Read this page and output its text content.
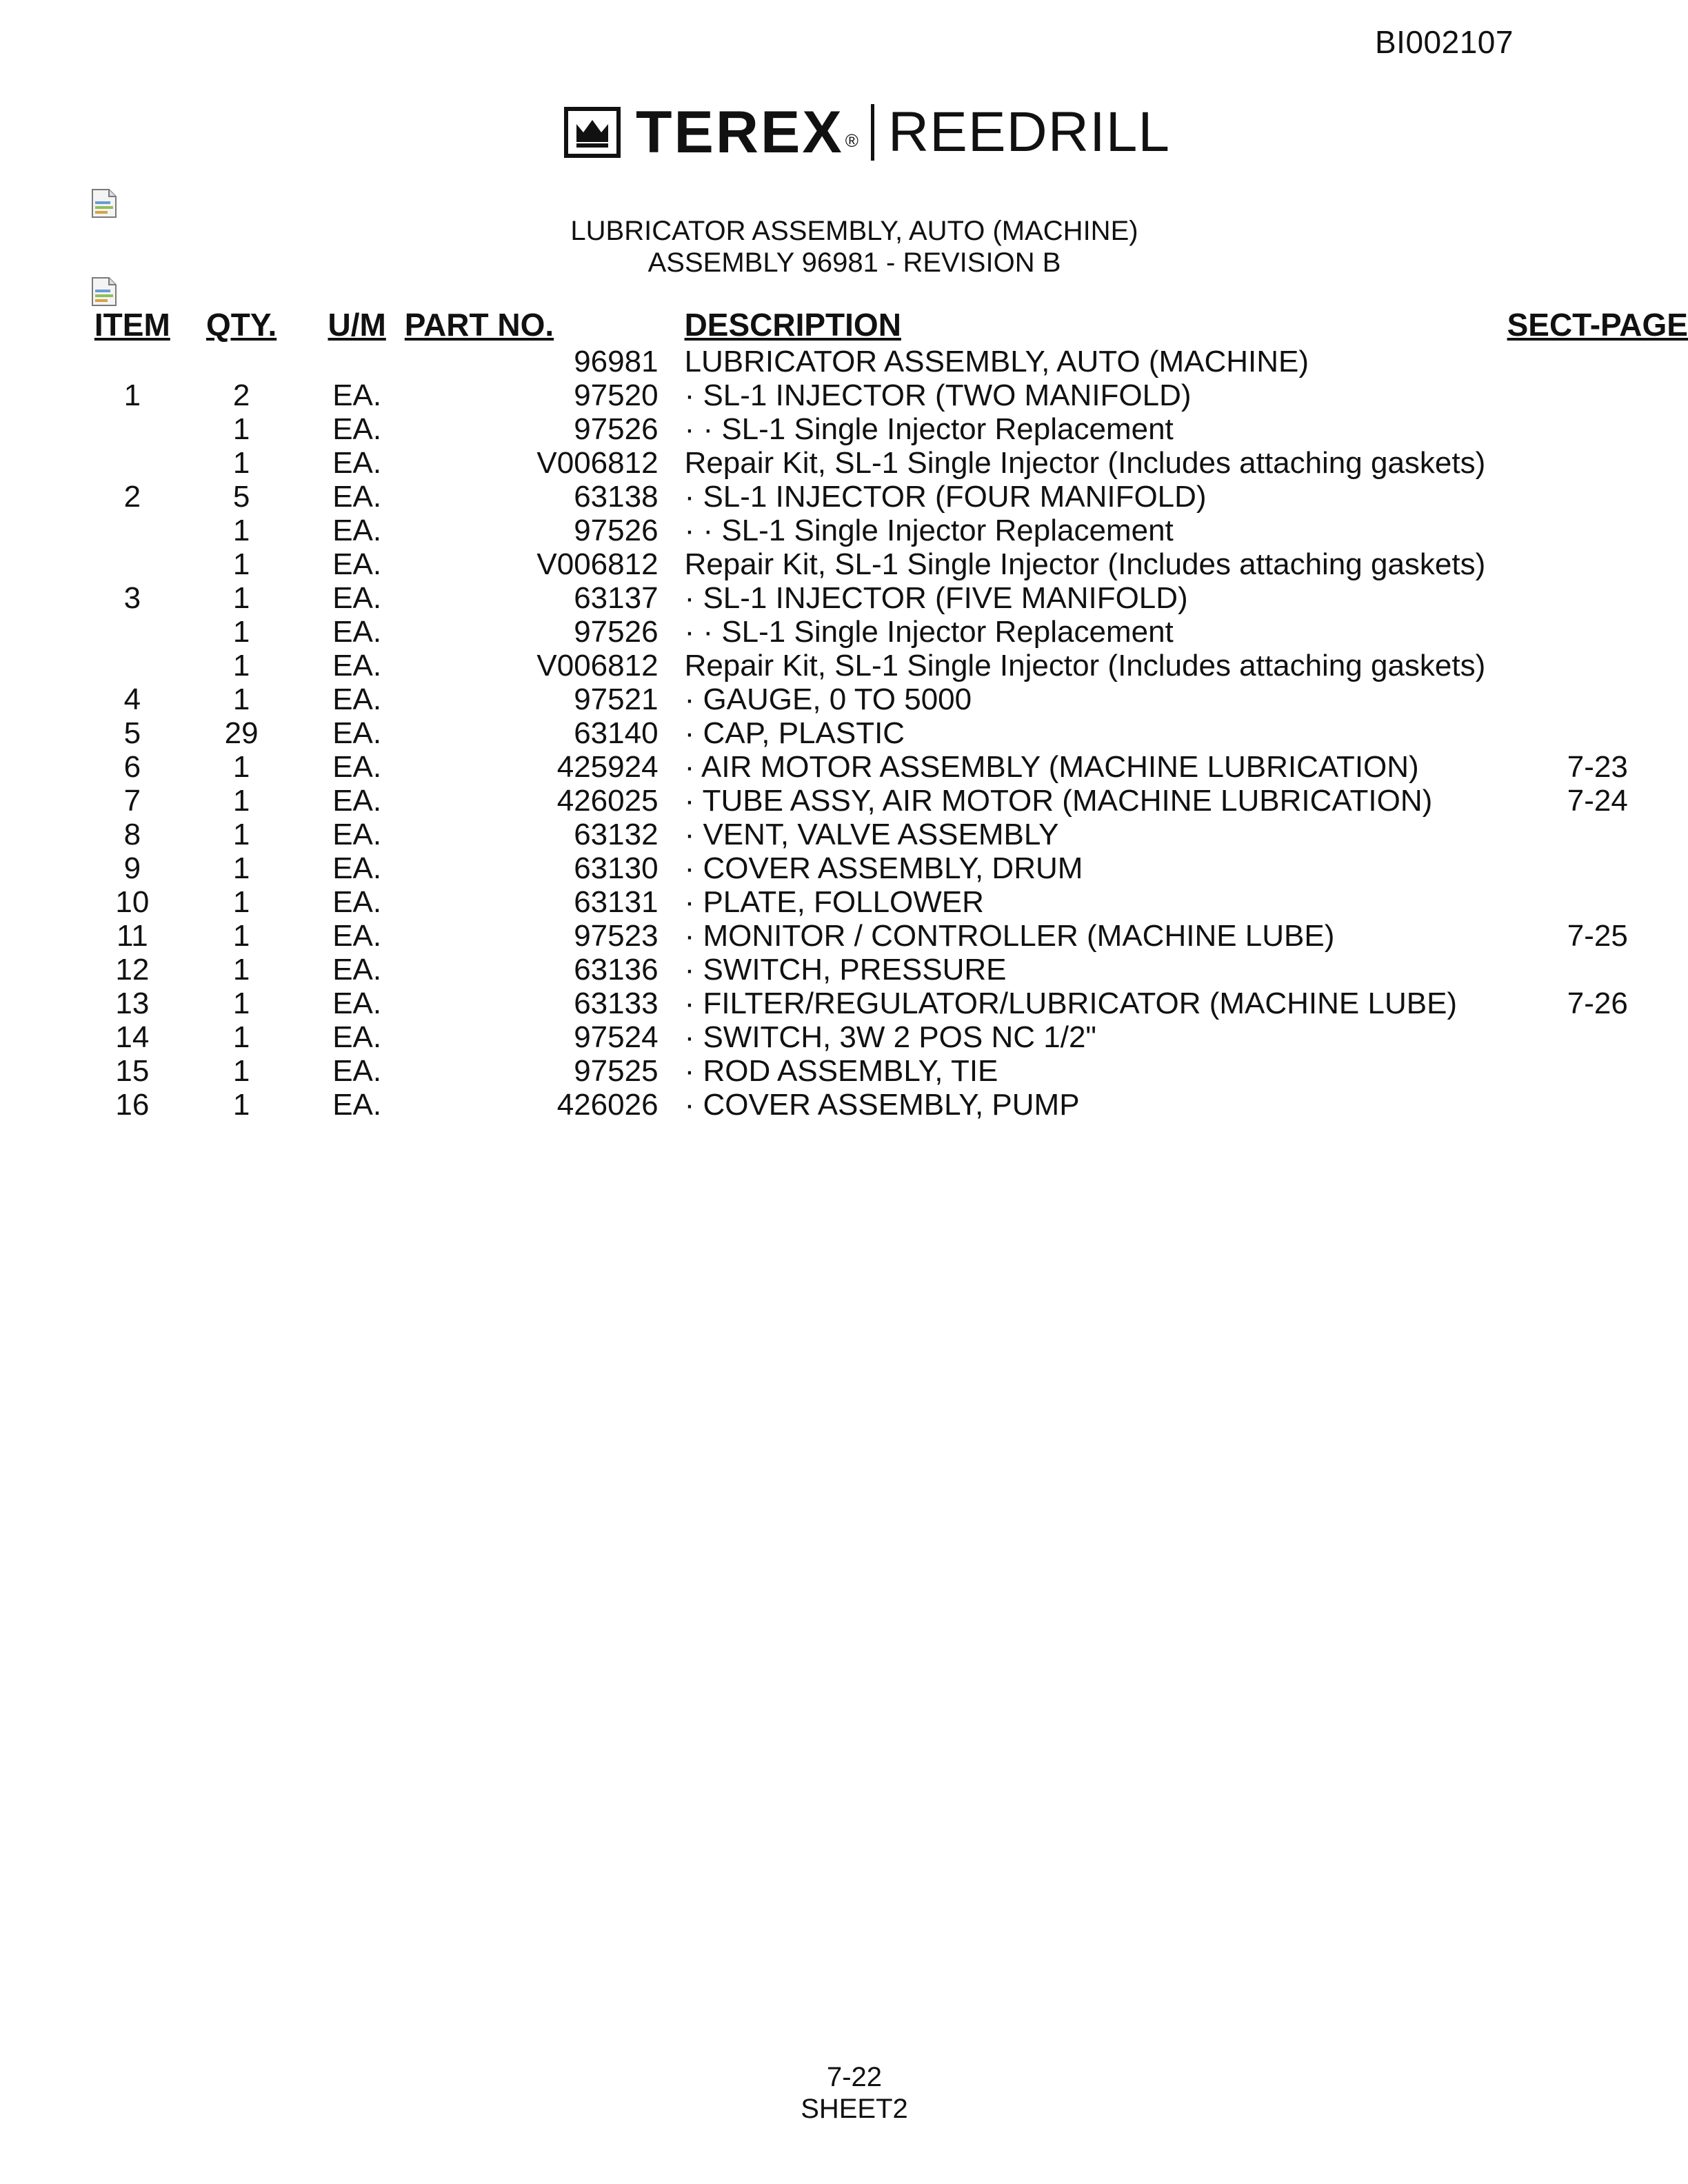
BI002107
TEREX ® REEDRILL
LUBRICATOR ASSEMBLY, AUTO (MACHINE)
ASSEMBLY 96981 - REVISION B
ITEM	QTY.	U/M	PART NO.	DESCRIPTION	SECT-PAGE
			96981	LUBRICATOR ASSEMBLY, AUTO (MACHINE)	
1	2	EA.	97520	· SL-1 INJECTOR (TWO MANIFOLD)	
	1	EA.	97526	· · SL-1 Single Injector Replacement	
	1	EA.	V006812	Repair Kit, SL-1 Single Injector (Includes attaching gaskets)	
2	5	EA.	63138	· SL-1 INJECTOR (FOUR MANIFOLD)	
	1	EA.	97526	· · SL-1 Single Injector Replacement	
	1	EA.	V006812	Repair Kit, SL-1 Single Injector (Includes attaching gaskets)	
3	1	EA.	63137	· SL-1 INJECTOR (FIVE MANIFOLD)	
	1	EA.	97526	· · SL-1 Single Injector Replacement	
	1	EA.	V006812	Repair Kit, SL-1 Single Injector (Includes attaching gaskets)	
4	1	EA.	97521	· GAUGE, 0 TO 5000	
5	29	EA.	63140	· CAP, PLASTIC	
6	1	EA.	425924	· AIR MOTOR ASSEMBLY (MACHINE LUBRICATION)	7-23
7	1	EA.	426025	· TUBE ASSY, AIR MOTOR (MACHINE LUBRICATION)	7-24
8	1	EA.	63132	· VENT, VALVE ASSEMBLY	
9	1	EA.	63130	· COVER ASSEMBLY, DRUM	
10	1	EA.	63131	· PLATE, FOLLOWER	
11	1	EA.	97523	· MONITOR / CONTROLLER (MACHINE LUBE)	7-25
12	1	EA.	63136	· SWITCH, PRESSURE	
13	1	EA.	63133	· FILTER/REGULATOR/LUBRICATOR (MACHINE LUBE)	7-26
14	1	EA.	97524	· SWITCH, 3W 2 POS NC 1/2"	
15	1	EA.	97525	· ROD ASSEMBLY, TIE	
16	1	EA.	426026	· COVER ASSEMBLY, PUMP	
7-22
SHEET2
